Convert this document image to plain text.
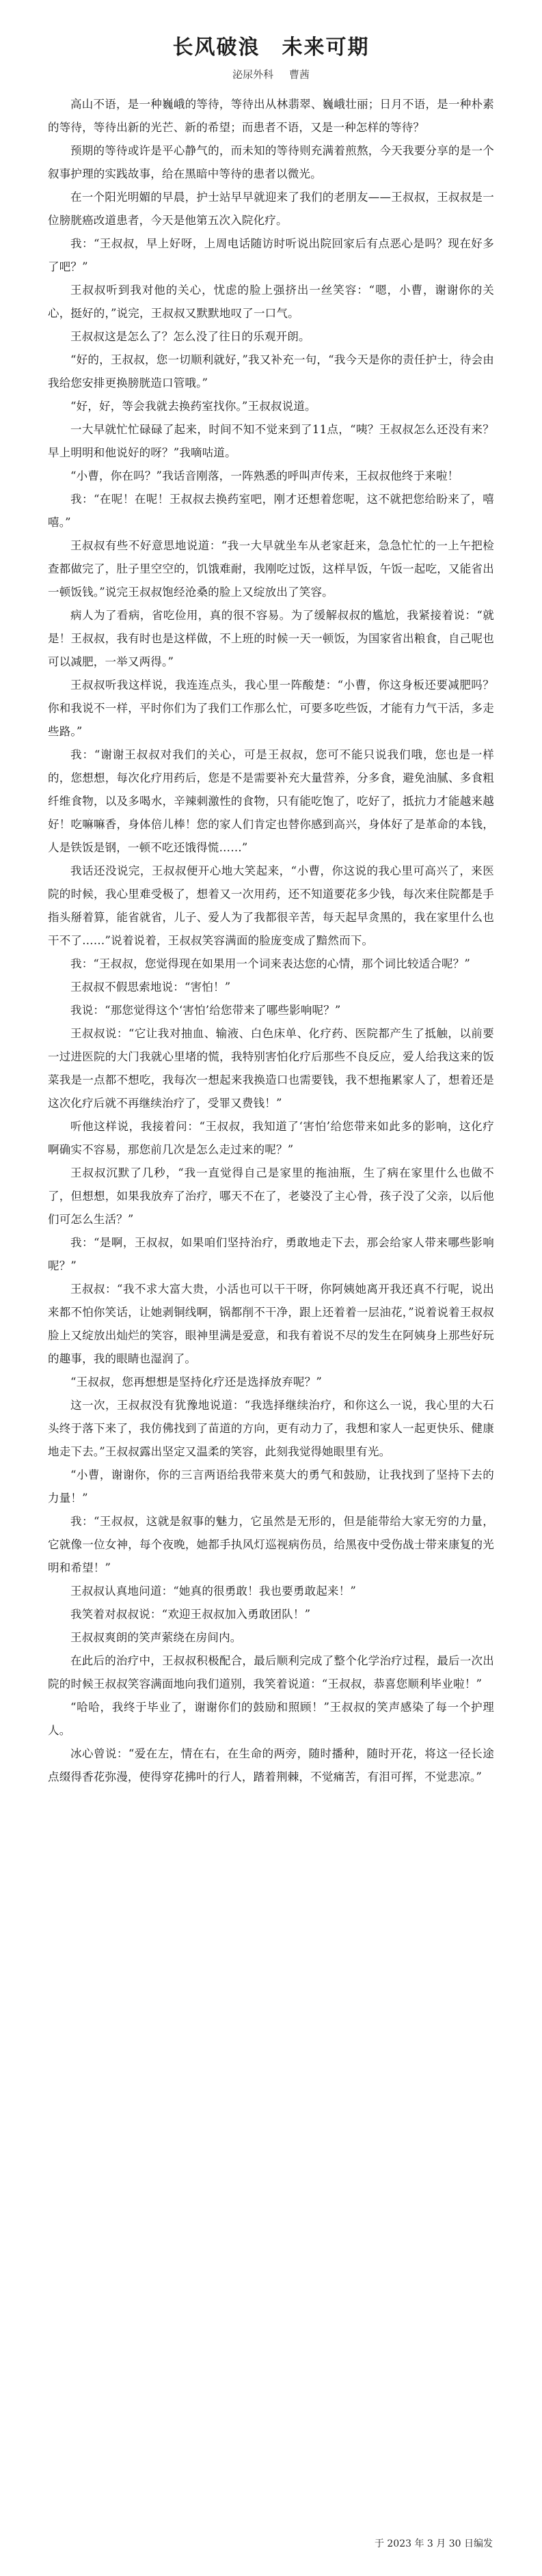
长风破浪　未来可期
泌尿外科 曹茜

高山不语，是一种巍峨的等待，等待出从林翡翠、巍峨壮丽；日月不语，是一种朴素的等待，等待出新的光芒、新的希望；而患者不语，又是一种怎样的等待？

预期的等待或许是平心静气的，而未知的等待则充满着煎熬，今天我要分享的是一个叙事护理的实践故事，给在黑暗中等待的患者以微光。

在一个阳光明媚的早晨，护士站早早就迎来了我们的老朋友——王叔叔，王叔叔是一位膀胱癌改道患者，今天是他第五次入院化疗。

我：“王叔叔，早上好呀，上周电话随访时听说出院回家后有点恶心是吗？现在好多了吧？”

王叔叔听到我对他的关心，忧虑的脸上强挤出一丝笑容：“嗯，小曹，谢谢你的关心，挺好的，”说完，王叔叔又默默地叹了一口气。

王叔叔这是怎么了？怎么没了往日的乐观开朗。

“好的，王叔叔，您一切顺利就好，”我又补充一句，“我今天是你的责任护士，待会由我给您安排更换膀胱造口管哦。”

“好，好，等会我就去换药室找你。”王叔叔说道。

一大早就忙忙碌碌了起来，时间不知不觉来到了11点，“咦？王叔叔怎么还没有来？早上明明和他说好的呀？”我嘀咕道。

“小曹，你在吗？”我话音刚落，一阵熟悉的呼叫声传来，王叔叔他终于来啦！

我：“在呢！在呢！王叔叔去换药室吧，刚才还想着您呢，这不就把您给盼来了，嘻嘻。”

王叔叔有些不好意思地说道：“我一大早就坐车从老家赶来，急急忙忙的一上午把检查都做完了，肚子里空空的，饥饿难耐，我刚吃过饭，这样早饭，午饭一起吃，又能省出一顿饭钱。”说完王叔叔饱经沧桑的脸上又绽放出了笑容。

病人为了看病，省吃俭用，真的很不容易。为了缓解叔叔的尴尬，我紧接着说：“就是！王叔叔，我有时也是这样做，不上班的时候一天一顿饭，为国家省出粮食，自己呢也可以减肥，一举又两得。”

王叔叔听我这样说，我连连点头，我心里一阵酸楚：“小曹，你这身板还要减肥吗？你和我说不一样，平时你们为了我们工作那么忙，可要多吃些饭，才能有力气干活，多走些路。”

我：“谢谢王叔叔对我们的关心，可是王叔叔，您可不能只说我们哦，您也是一样的，您想想，每次化疗用药后，您是不是需要补充大量营养，分多食，避免油腻、多食粗纤维食物，以及多喝水，辛辣刺激性的食物，只有能吃饱了，吃好了，抵抗力才能越来越好！吃嘛嘛香，身体倍儿棒！您的家人们肯定也替你感到高兴，身体好了是革命的本钱，人是铁饭是钢，一顿不吃还饿得慌……”

我话还没说完，王叔叔便开心地大笑起来，“小曹，你这说的我心里可高兴了，来医院的时候，我心里难受极了，想着又一次用药，还不知道要花多少钱，每次来住院都是手指头掰着算，能省就省，儿子、爱人为了我都很辛苦，每天起早贪黑的，我在家里什么也干不了……”说着说着，王叔叔笑容满面的脸庞变成了黯然而下。

我：“王叔叔，您觉得现在如果用一个词来表达您的心情，那个词比较适合呢？”

王叔叔不假思索地说：“害怕！”

我说：“那您觉得这个‘害怕’给您带来了哪些影响呢？”

王叔叔说：“它让我对抽血、输液、白色床单、化疗药、医院都产生了抵触，以前要一过进医院的大门我就心里堵的慌，我特别害怕化疗后那些不良反应，爱人给我这来的饭菜我是一点都不想吃，我每次一想起来我换造口也需要钱，我不想拖累家人了，想着还是这次化疗后就不再继续治疗了，受罪又费钱！”

听他这样说，我接着问：“王叔叔，我知道了‘害怕’给您带来如此多的影响，这化疗啊确实不容易，那您前几次是怎么走过来的呢？”

王叔叔沉默了几秒，“我一直觉得自己是家里的拖油瓶，生了病在家里什么也做不了，但想想，如果我放弃了治疗，哪天不在了，老婆没了主心骨，孩子没了父亲，以后他们可怎么生活？”

我：“是啊，王叔叔，如果咱们坚持治疗，勇敢地走下去，那会给家人带来哪些影响呢？”

王叔叔：“我不求大富大贵，小活也可以干干呀，你阿姨她离开我还真不行呢，说出来都不怕你笑话，让她剥铜线啊，锅都削不干净，跟上还着着一层油花，”说着说着王叔叔脸上又绽放出灿烂的笑容，眼神里满是爱意，和我有着说不尽的发生在阿姨身上那些好玩的趣事，我的眼睛也湿润了。

“王叔叔，您再想想是坚持化疗还是选择放弃呢？”

这一次，王叔叔没有犹豫地说道：“我选择继续治疗，和你这么一说，我心里的大石头终于落下来了，我仿佛找到了苗道的方向，更有动力了，我想和家人一起更快乐、健康地走下去。”王叔叔露出坚定又温柔的笑容，此刻我觉得她眼里有光。

“小曹，谢谢你，你的三言两语给我带来莫大的勇气和鼓励，让我找到了坚持下去的力量！”

我：“王叔叔，这就是叙事的魅力，它虽然是无形的，但是能带给大家无穷的力量，它就像一位女神，每个夜晚，她都手执风灯巡视病伤员，给黑夜中受伤战士带来康复的光明和希望！”

王叔叔认真地问道：“她真的很勇敢！我也要勇敢起来！”

我笑着对叔叔说：“欢迎王叔叔加入勇敢团队！”

王叔叔爽朗的笑声萦绕在房间内。

在此后的治疗中，王叔叔积极配合，最后顺利完成了整个化学治疗过程，最后一次出院的时候王叔叔笑容满面地向我们道别，我笑着说道：“王叔叔，恭喜您顺利毕业啦！”

“哈哈，我终于毕业了，谢谢你们的鼓励和照顾！”王叔叔的笑声感染了每一个护理人。

冰心曾说：“爱在左，情在右，在生命的两旁，随时播种，随时开花，将这一径长途点缀得香花弥漫，使得穿花拂叶的行人，踏着荆棘，不觉痛苦，有泪可挥，不觉悲凉。”

于 2023 年 3 月 30 日编发
